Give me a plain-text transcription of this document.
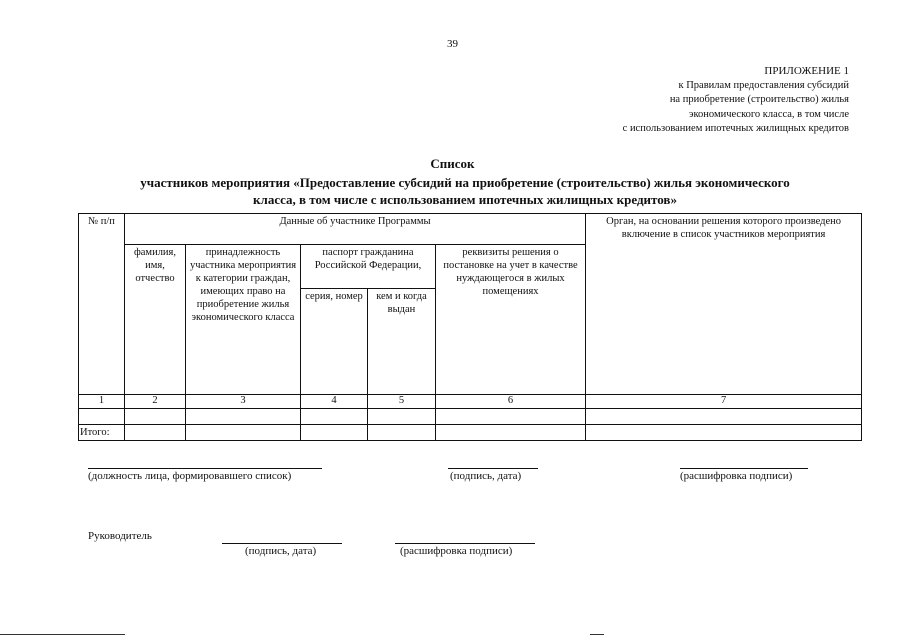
39
ПРИЛОЖЕНИЕ 1
к Правилам предоставления субсидий
на приобретение (строительство) жилья
экономического класса, в том числе
с использованием ипотечных жилищных кредитов
Список
участников мероприятия «Предоставление субсидий на приобретение (строительство) жилья экономического
класса, в том числе с использованием ипотечных жилищных кредитов»
№ п/п	Данные об участнике Программы					Орган, на основании решения которого произведено включение в список участников мероприятия
	фамилия, имя, отчество	принадлежность участника мероприятия к категории граждан, имеющих право на приобретение жилья экономического класса	паспорт гражданина Российской Федерации,		реквизиты решения о постановке на учет в качестве нуждающегося в жилых помещениях	
			серия, номер	кем и когда выдан		
1	2	3	4	5	6	7

Итого:						
(должность лица, формировавшего список)	(подпись, дата)	(расшифровка подписи)
Руководитель
(подпись, дата)	(расшифровка подписи)
